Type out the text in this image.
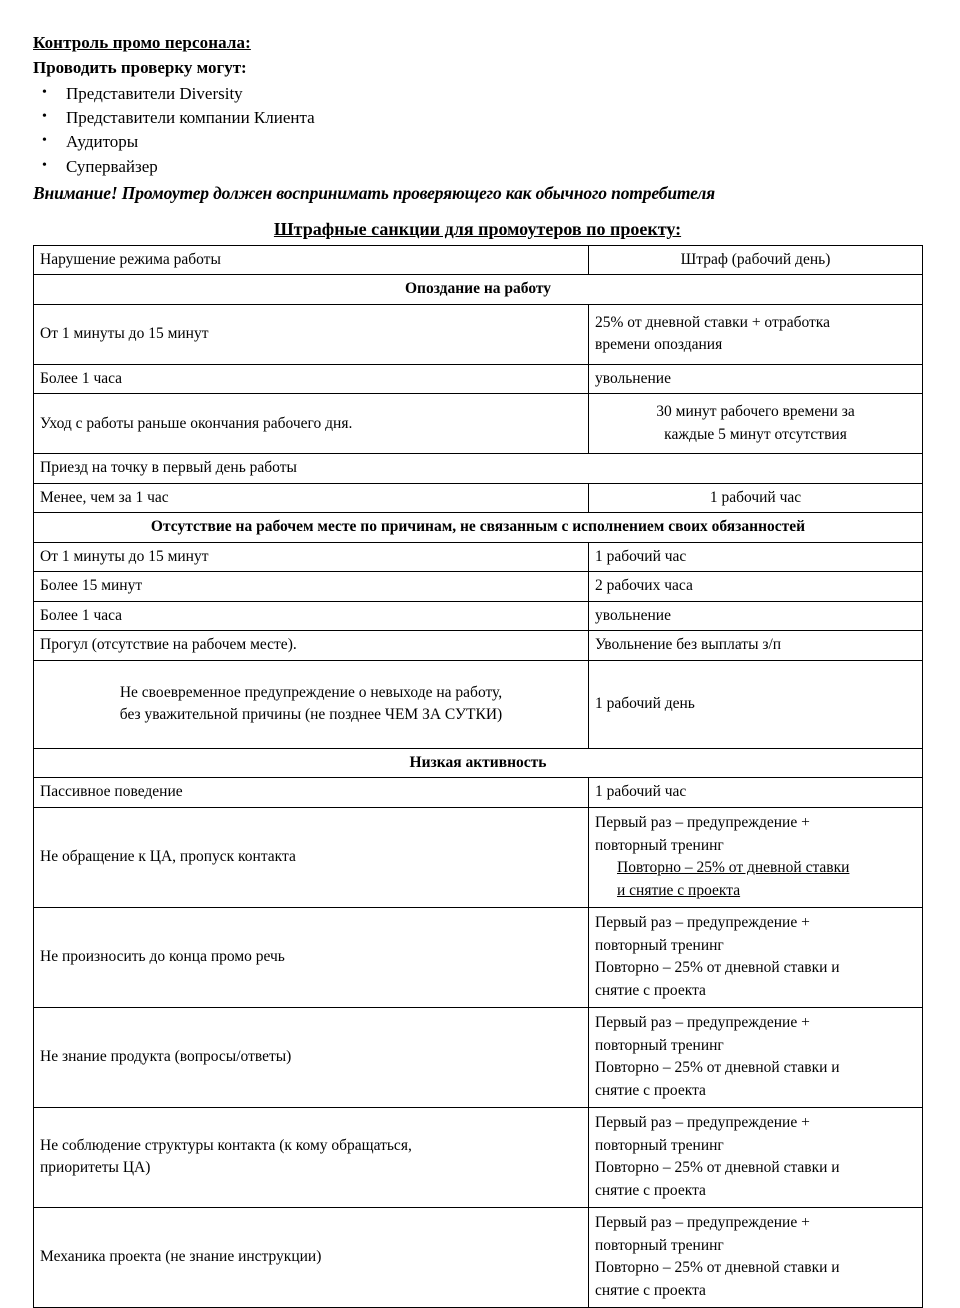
Контроль промо персонала:
Проводить проверку могут:
• Представители Diversity
• Представители компании Клиента
• Аудиторы
• Супервайзер
Внимание! Промоутер должен воспринимать проверяющего как обычного потребителя
Штрафные санкции для промоутеров по проекту:
Нарушение режима работы	Штраф (рабочий день)
Опоздание на работу	
От 1 минуты до 15 минут	25% от дневной ставки + отработка
времени опоздания

Более 1 часа	увольнение
Уход с работы раньше окончания рабочего дня.	30 минут рабочего времени за
каждые 5 минут отсутствия

Приезд на точку в первый день работы	
Менее, чем за 1 час	1 рабочий час
Отсутствие на рабочем месте по причинам, не связанным с исполнением своих обязанностей	
От 1 минуты до 15 минут	1 рабочий час
Более 15 минут	2 рабочих часа
Более 1 часа	увольнение
Прогул (отсутствие на рабочем месте).	Увольнение без выплаты з/п

Не своевременное предупреждение о невыходе на работу,
без уважительной причины (не позднее ЧЕМ ЗА СУТКИ)	1 рабочий день
Низкая активность	
Пассивное поведение	1 рабочий час
Не обращение к ЦА, пропуск контакта	Первый раз – предупреждение +
повторный тренинг
Повторно – 25% от дневной ставки
и снятие с проекта

Не произносить до конца промо речь	Первый раз – предупреждение +
повторный тренинг
Повторно – 25% от дневной ставки и
снятие с проекта

Не знание продукта (вопросы/ответы)	Первый раз – предупреждение +
повторный тренинг
Повторно – 25% от дневной ставки и
снятие с проекта

Не соблюдение структуры контакта (к кому обращаться,
приоритеты ЦА)	Первый раз – предупреждение +
повторный тренинг
Повторно – 25% от дневной ставки и
снятие с проекта

Механика проекта (не знание инструкции)	Первый раз – предупреждение +
повторный тренинг
Повторно – 25% от дневной ставки и
снятие с проекта
